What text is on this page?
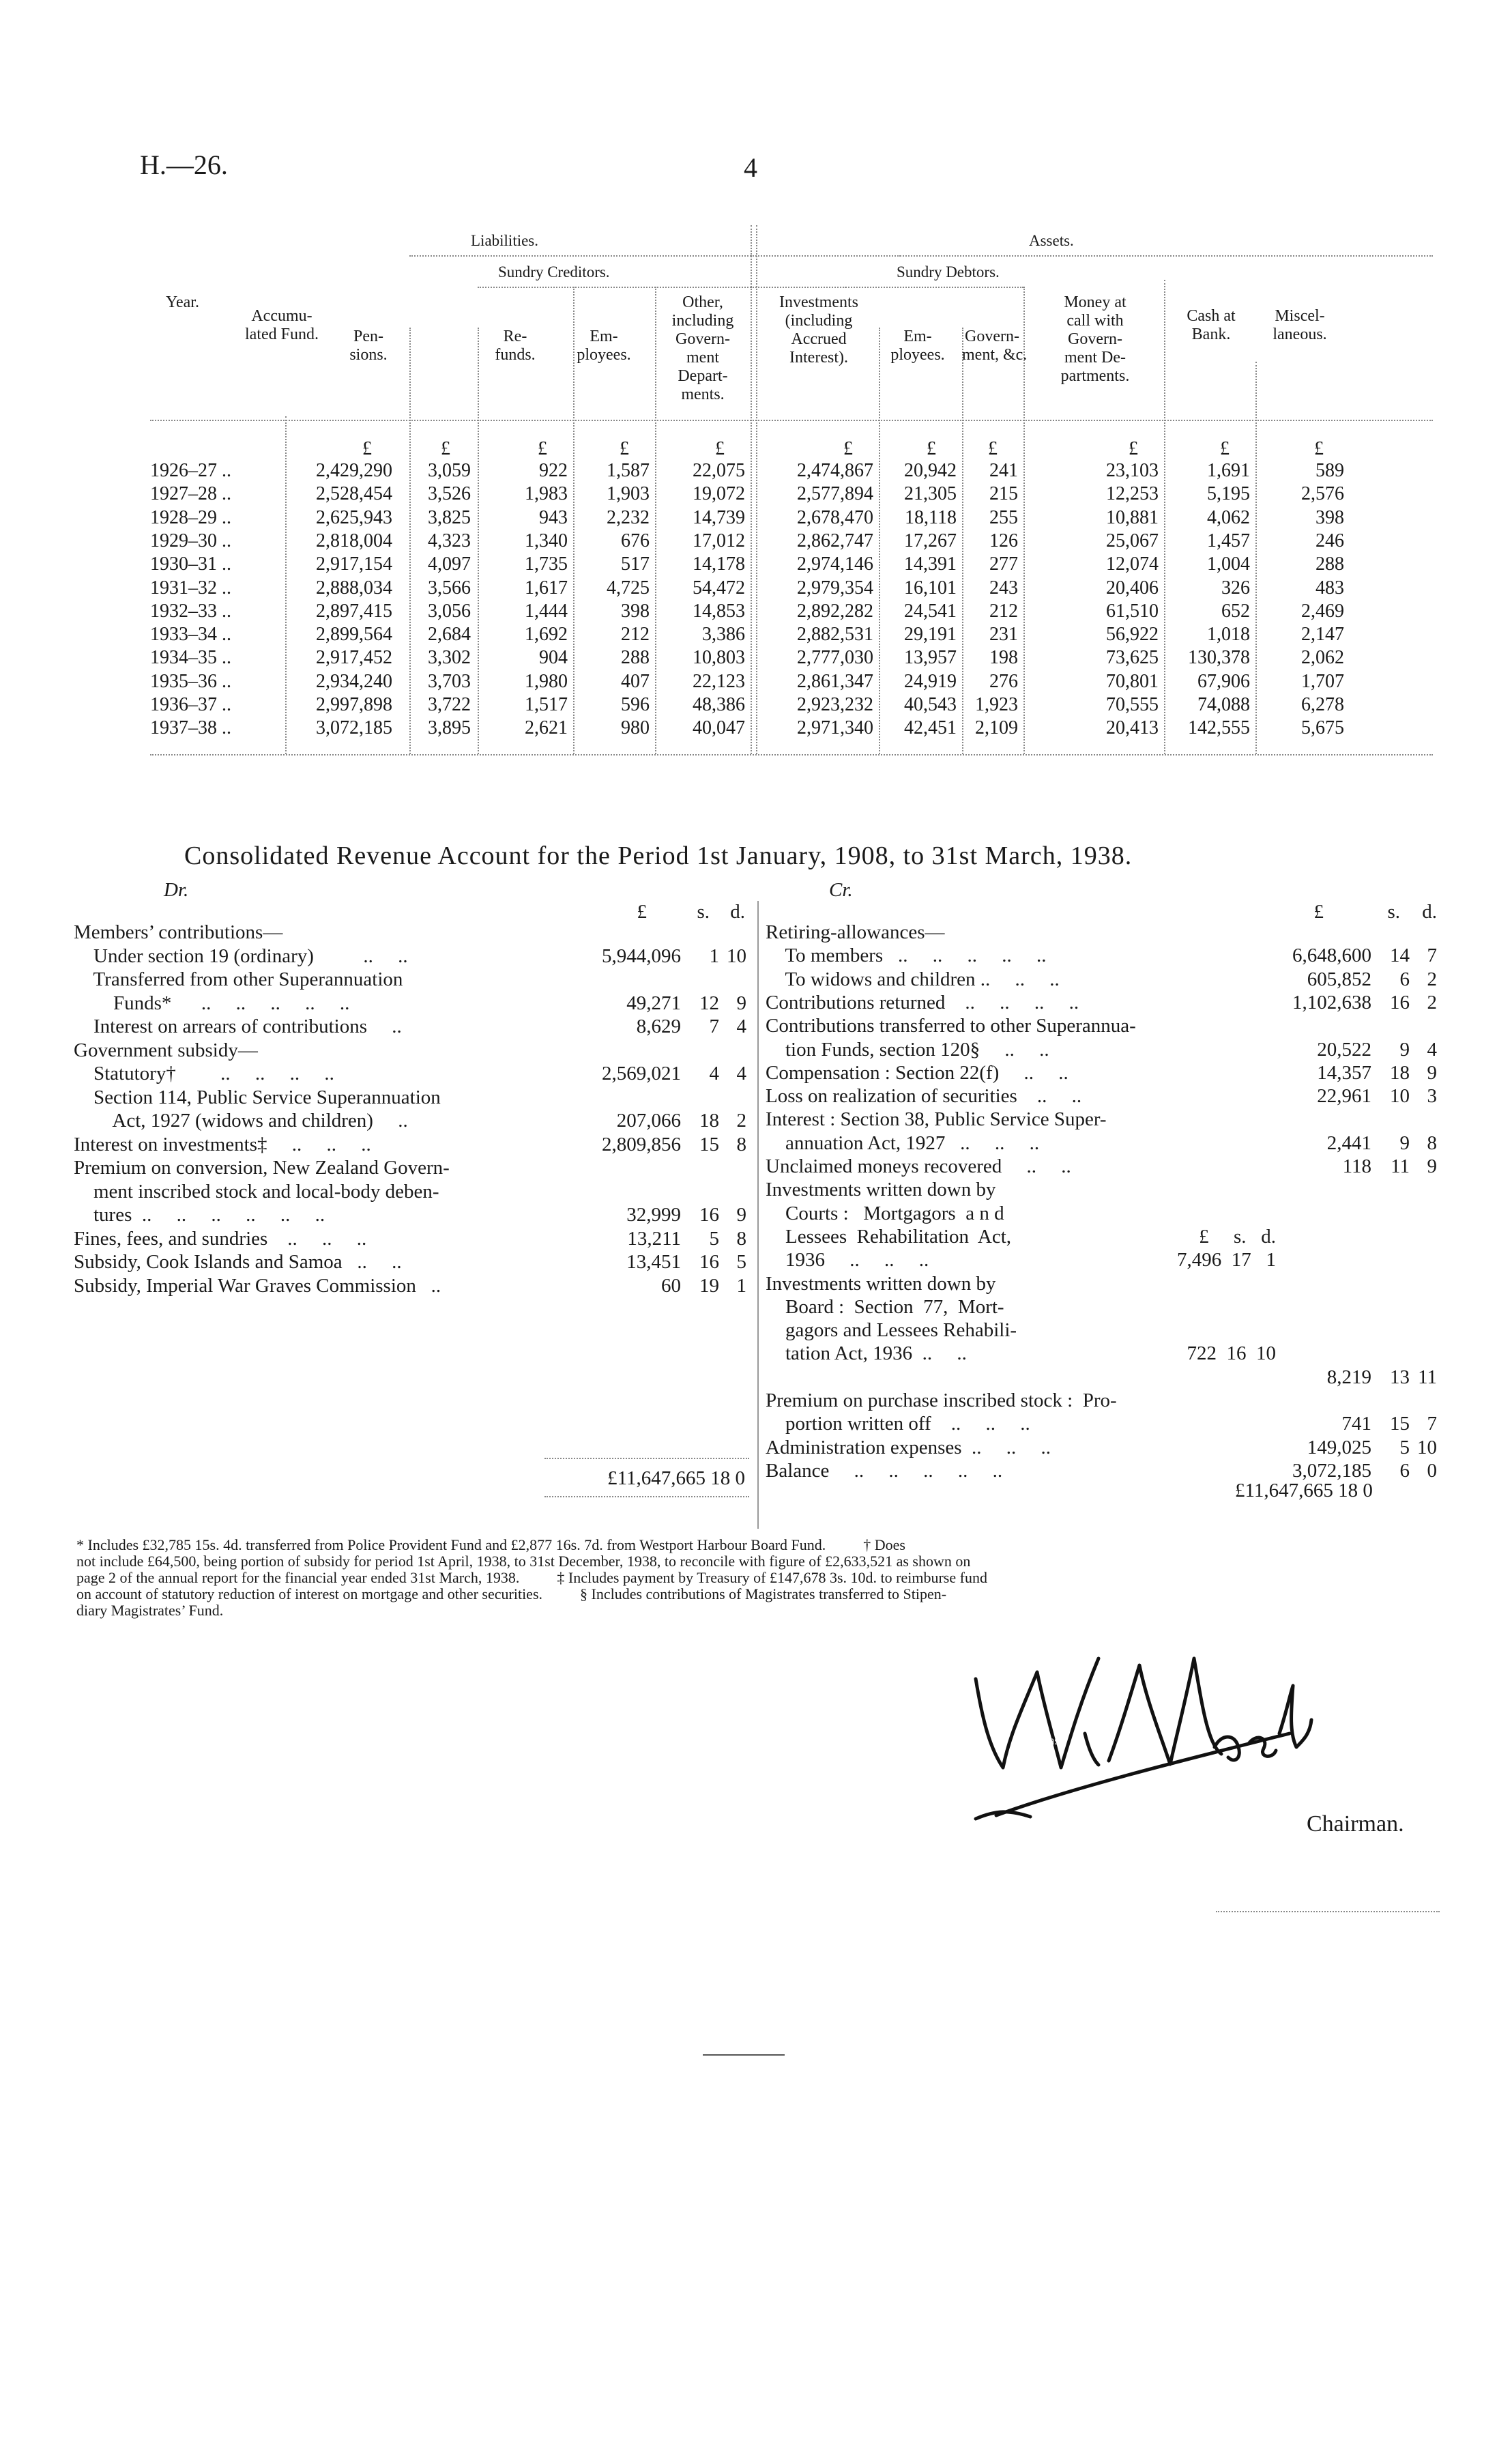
H.—26.	4
Liabilities.	Assets.
Sundry Creditors.	Sundry Debtors.
Year.
Accumu-
lated Fund.	Pen-
sions.
Re-
funds.
Em-
ployees.
Other,
including
Govern-
ment
Depart-
ments.
Investments
(including
Accrued
Interest).
Em-
ployees.
Govern-
ment, &c.
Money at
call with
Govern-
ment De-
partments.
Cash at
Bank.
Miscel-
laneous.
£	£	£	£	£	£	£	£	£	£	£
1926–27 ..	2,429,290 3,059	922 1,587 22,075	2,474,867 20,942 241	23,103	1,691	589
1927–28 ..	2,528,454 3,526	1,983 1,903 19,072	2,577,894 21,305 215	12,253	5,195	2,576
1928–29 ..	2,625,943 3,825	943 2,232 14,739	2,678,470 18,118 255	10,881	4,062	398
1929–30 ..	2,818,004 4,323	1,340	676 17,012	2,862,747 17,267 126	25,067	1,457	246
1930–31 ..	2,917,154 4,097	1,735	517 14,178	2,974,146 14,391 277	12,074	1,004	288
1931–32 ..	2,888,034 3,566	1,617 4,725 54,472	2,979,354 16,101 243	20,406	326	483
1932–33 ..	2,897,415 3,056	1,444	398 14,853	2,892,282 24,541 212	61,510	652	2,469
1933–34 ..	2,899,564 2,684	1,692	212	3,386	2,882,531 29,191 231	56,922	1,018	2,147
1934–35 ..	2,917,452 3,302	904	288 10,803	2,777,030 13,957 198	73,625 130,378	2,062
1935–36 ..	2,934,240 3,703	1,980	407 22,123	2,861,347 24,919 276	70,801 67,906	1,707
1936–37 ..	2,997,898 3,722	1,517	596 48,386	2,923,232 40,543 1,923	70,555 74,088	6,278
1937–38 ..	3,072,185 3,895	2,621	980 40,047	2,971,340 42,451 2,109	20,413 142,555	5,675
Consolidated Revenue Account for the Period 1st January, 1908, to 31st March, 1938.
Dr.	Cr.
£	s. d.
Members’ contributions—
Under section 19 (ordinary)          ..     ..	5,944,096 1 10
Transferred from other Superannuation
Funds*      ..     ..     ..     ..     ..	49,271 12 9
Interest on arrears of contributions     ..	8,629 7 4
Government subsidy—
Statutory†         ..     ..     ..     ..	2,569,021 4 4
Section 114, Public Service Superannuation
Act, 1927 (widows and children)     ..	207,066 18 2
Interest on investments‡     ..     ..     ..	2,809,856 15 8
Premium on conversion, New Zealand Govern-
ment inscribed stock and local-body deben-
tures  ..     ..     ..     ..     ..     ..	32,999 16 9
Fines, fees, and sundries    ..     ..     ..	13,211 5 8
Subsidy, Cook Islands and Samoa   ..     ..	13,451 16 5
Subsidy, Imperial War Graves Commission   ..	60 19 1
£11,647,665 18 0
£	s. d.
Retiring-allowances—
To members   ..     ..     ..     ..     ..	6,648,600 14 7
To widows and children ..     ..     ..	605,852 6 2
Contributions returned    ..     ..     ..     ..	1,102,638 16 2
Contributions transferred to other Superannua-
tion Funds, section 120§     ..     ..	20,522 9 4
Compensation : Section 22(f)     ..     ..	14,357 18 9
Loss on realization of securities    ..     ..	22,961 10 3
Interest : Section 38, Public Service Super-
annuation Act, 1927   ..     ..     ..	2,441 9 8
Unclaimed moneys recovered     ..     ..	118 11 9
Investments written down by
Courts :   Mortgagors  a n d
Lessees  Rehabilitation  Act,	£     s.   d.
1936     ..     ..     ..	7,496  17   1
Investments written down by
Board :  Section  77,  Mort-
gagors and Lessees Rehabili-
tation Act, 1936  ..     ..	722  16  10
8,219 13 11
Premium on purchase inscribed stock :  Pro-
portion written off    ..     ..     ..	741 15 7
Administration expenses  ..     ..     ..	149,025 5 10
Balance     ..     ..     ..     ..     ..	3,072,185 6 0
£11,647,665 18 0
* Includes £32,785 15s. 4d. transferred from Police Provident Fund and £2,877 16s. 7d. from Westport Harbour Board Fund.          † Does
not include £64,500, being portion of subsidy for period 1st April, 1938, to 31st December, 1938, to reconcile with figure of £2,633,521 as shown on
page 2 of the annual report for the financial year ended 31st March, 1938.          ‡ Includes payment by Treasury of £147,678 3s. 10d. to reimburse fund
on account of statutory reduction of interest on mortgage and other securities.          § Includes contributions of Magistrates transferred to Stipen-
diary Magistrates’ Fund.
W. Nash
Chairman.
